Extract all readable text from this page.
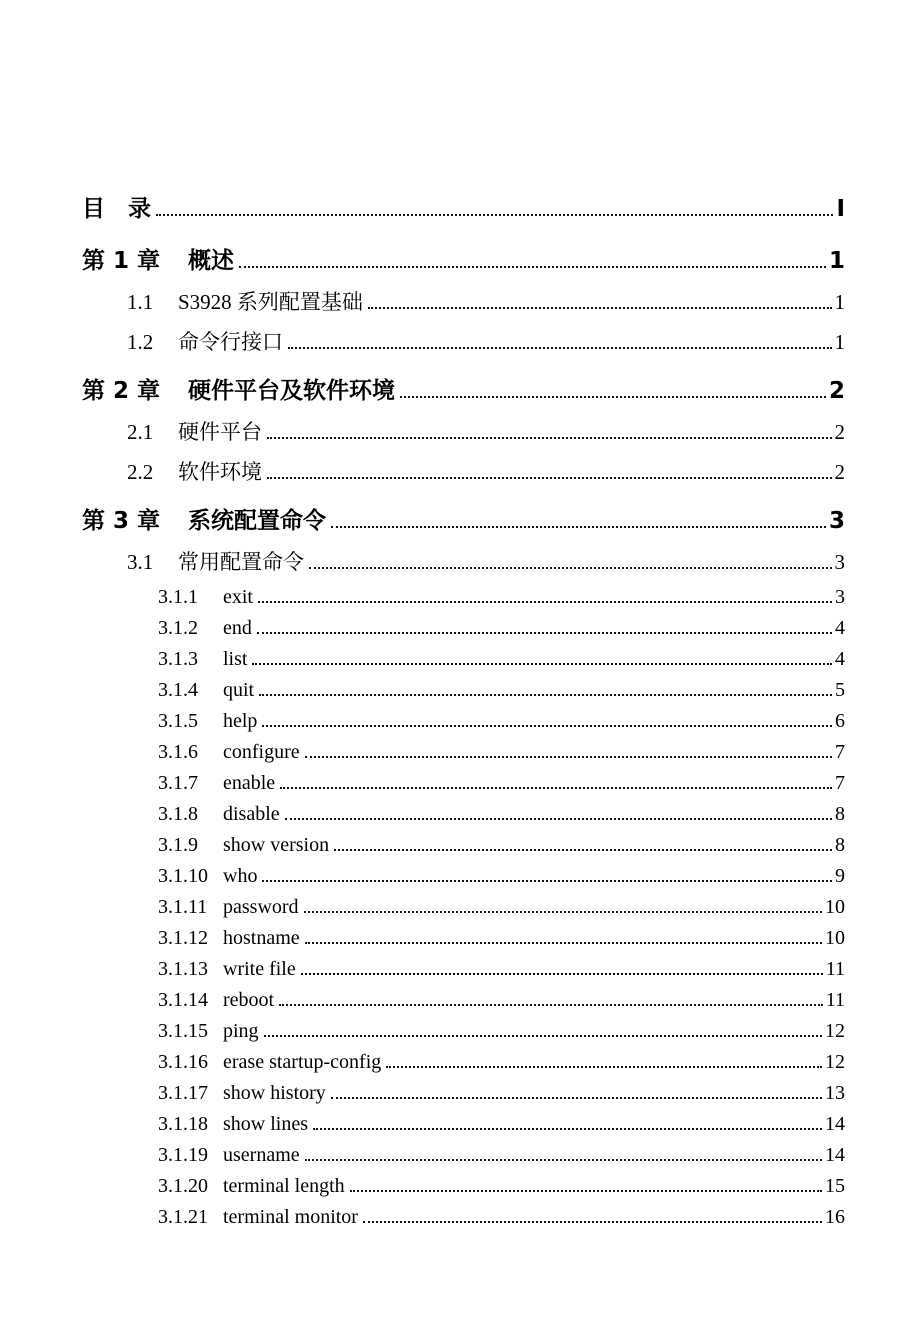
目　录	I
第 1 章 概述	1
1.1	S3928 系列配置基础	1
1.2	命令行接口	1
第 2 章 硬件平台及软件环境	2
2.1	硬件平台	2
2.2	软件环境	2
第 3 章 系统配置命令	3
3.1	常用配置命令	3
3.1.1	exit	3
3.1.2	end	4
3.1.3	list	4
3.1.4	quit	5
3.1.5	help	6
3.1.6	configure	7
3.1.7	enable	7
3.1.8	disable	8
3.1.9	show version	8
3.1.10 who	9
3.1.11 password	10
3.1.12 hostname	10
3.1.13 write file	11
3.1.14 reboot	11
3.1.15 ping	12
3.1.16 erase startup-config	12
3.1.17 show history	13
3.1.18 show lines	14
3.1.19 username	14
3.1.20 terminal length	15
3.1.21 terminal monitor	16
